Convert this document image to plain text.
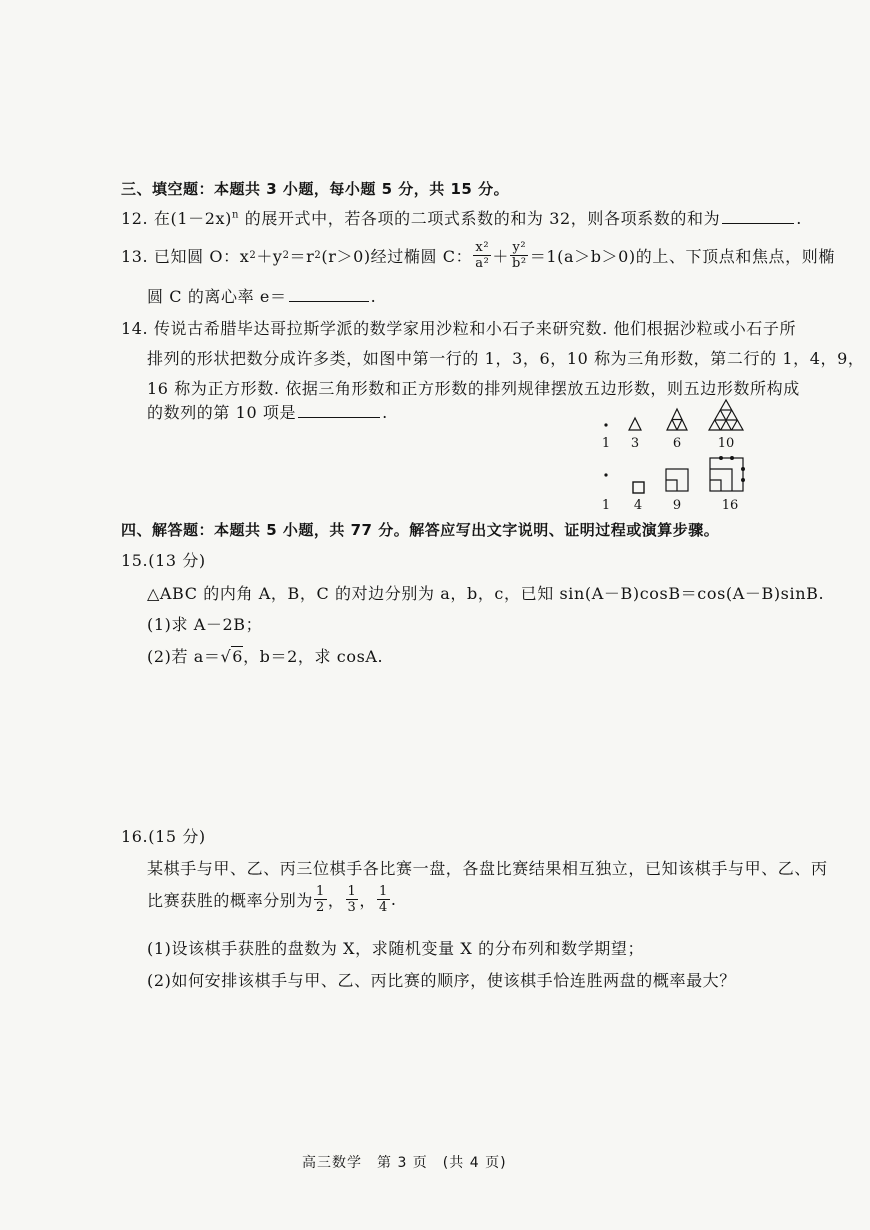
三、填空题：本题共 3 小题，每小题 5 分，共 15 分。
12. 在$(1-2x)^n$ 的展开式中，若各项的二项式系数的和为 32，则各项系数的和为	.
13. 已知圆 O：x 2 ＋y 2 ＝r 2 (r＞0)经过椭圆 C： $\frac{\text{x²}}{\text{a²}} + \frac{\text{y²}}{\text{b²}} =1(a>b>0)$的上、下顶点和焦点，则椭
圆 C 的离心率 e＝	.
14. 传说古希腊毕达哥拉斯学派的数学家用沙粒和小石子来研究数. 他们根据沙粒或小石子所
排列的形状把数分成许多类，如图中第一行的 1，3，6，10 称为三角形数，第二行的 1，4，9，
16 称为正方形数. 依据三角形数和正方形数的排列规律摆放五边形数，则五边形数所构成
的数列的第 10 项是	.
1 3	6	10
1 4 9	16
四、解答题：本题共 5 小题，共 77 分。解答应写出文字说明、证明过程或演算步骤。
15.(13 分)
△ABC 的内角 A，B，C 的对边分别为 a，b，c，已知 sin(A－B)cosB＝cos(A－B)sinB.
(1)求 A－2B；
(2)若 a＝√6，b＝2，求 cosA.
16.(15 分)
某棋手与甲、乙、丙三位棋手各比赛一盘，各盘比赛结果相互独立，已知该棋手与甲、乙、丙
比赛获胜的概率分别为 $\frac{1}{2}$ ， $\frac{1}{3}$ ， $\frac{1}{4}$ .
(1)设该棋手获胜的盘数为 X，求随机变量 X 的分布列和数学期望；
(2)如何安排该棋手与甲、乙、丙比赛的顺序，使该棋手恰连胜两盘的概率最大？
高三数学　第 3 页　(共 4 页)
